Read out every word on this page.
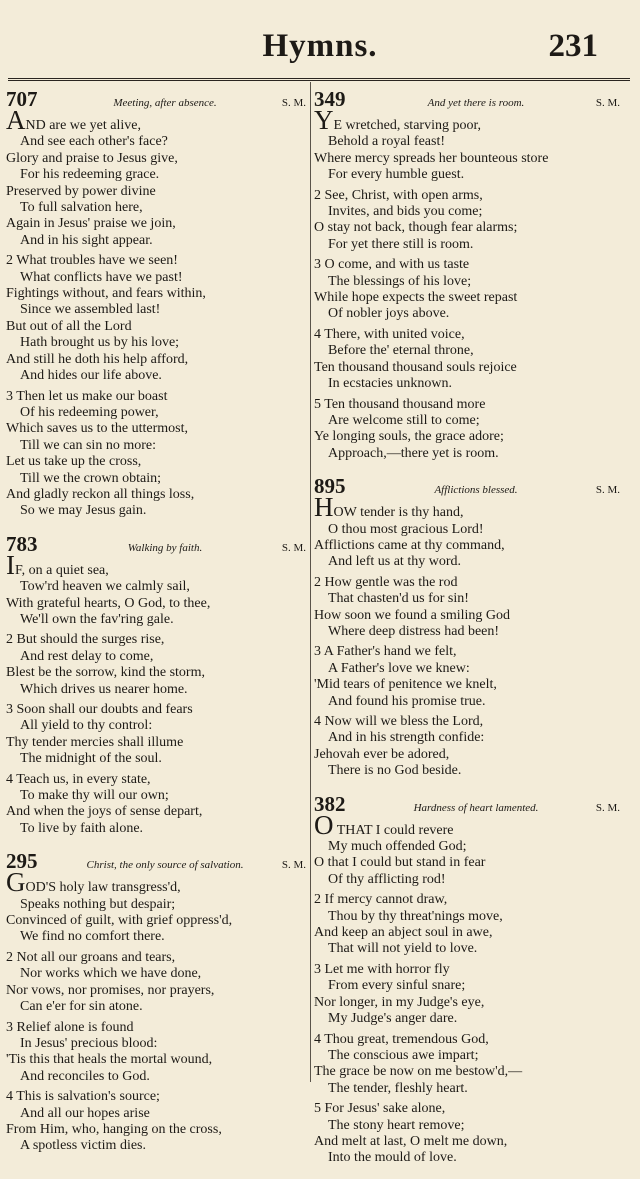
Hymns.	231
707	Meeting, after absence.	S. M.
AND are we yet alive,
And see each other's face?
Glory and praise to Jesus give,
For his redeeming grace.
Preserved by power divine
To full salvation here,
Again in Jesus' praise we join,
And in his sight appear.
2 What troubles have we seen!
What conflicts have we past!
Fightings without, and fears within,
Since we assembled last!
But out of all the Lord
Hath brought us by his love;
And still he doth his help afford,
And hides our life above.
3 Then let us make our boast
Of his redeeming power,
Which saves us to the uttermost,
Till we can sin no more:
Let us take up the cross,
Till we the crown obtain;
And gladly reckon all things loss,
So we may Jesus gain.
783	Walking by faith.	S. M.
IF, on a quiet sea,
Tow'rd heaven we calmly sail,
With grateful hearts, O God, to thee,
We'll own the fav'ring gale.
2 But should the surges rise,
And rest delay to come,
Blest be the sorrow, kind the storm,
Which drives us nearer home.
3 Soon shall our doubts and fears
All yield to thy control:
Thy tender mercies shall illume
The midnight of the soul.
4 Teach us, in every state,
To make thy will our own;
And when the joys of sense depart,
To live by faith alone.
295	Christ, the only source of salvation.	S. M.
GOD'S holy law transgress'd,
Speaks nothing but despair;
Convinced of guilt, with grief oppress'd,
We find no comfort there.
2 Not all our groans and tears,
Nor works which we have done,
Nor vows, nor promises, nor prayers,
Can e'er for sin atone.
3 Relief alone is found
In Jesus' precious blood:
'Tis this that heals the mortal wound,
And reconciles to God.
4 This is salvation's source;
And all our hopes arise
From Him, who, hanging on the cross,
A spotless victim dies.
349	And yet there is room.	S. M.
YE wretched, starving poor,
Behold a royal feast!
Where mercy spreads her bounteous store
For every humble guest.
2 See, Christ, with open arms,
Invites, and bids you come;
O stay not back, though fear alarms;
For yet there still is room.
3 O come, and with us taste
The blessings of his love;
While hope expects the sweet repast
Of nobler joys above.
4 There, with united voice,
Before the' eternal throne,
Ten thousand thousand souls rejoice
In ecstacies unknown.
5 Ten thousand thousand more
Are welcome still to come;
Ye longing souls, the grace adore;
Approach,—there yet is room.
895	Afflictions blessed.	S. M.
HOW tender is thy hand,
O thou most gracious Lord!
Afflictions came at thy command,
And left us at thy word.
2 How gentle was the rod
That chasten'd us for sin!
How soon we found a smiling God
Where deep distress had been!
3 A Father's hand we felt,
A Father's love we knew:
'Mid tears of penitence we knelt,
And found his promise true.
4 Now will we bless the Lord,
And in his strength confide:
Jehovah ever be adored,
There is no God beside.
382	Hardness of heart lamented.	S. M.
O THAT I could revere
My much offended God;
O that I could but stand in fear
Of thy afflicting rod!
2 If mercy cannot draw,
Thou by thy threat'nings move,
And keep an abject soul in awe,
That will not yield to love.
3 Let me with horror fly
From every sinful snare;
Nor longer, in my Judge's eye,
My Judge's anger dare.
4 Thou great, tremendous God,
The conscious awe impart;
The grace be now on me bestow'd,—
The tender, fleshly heart.
5 For Jesus' sake alone,
The stony heart remove;
And melt at last, O melt me down,
Into the mould of love.
